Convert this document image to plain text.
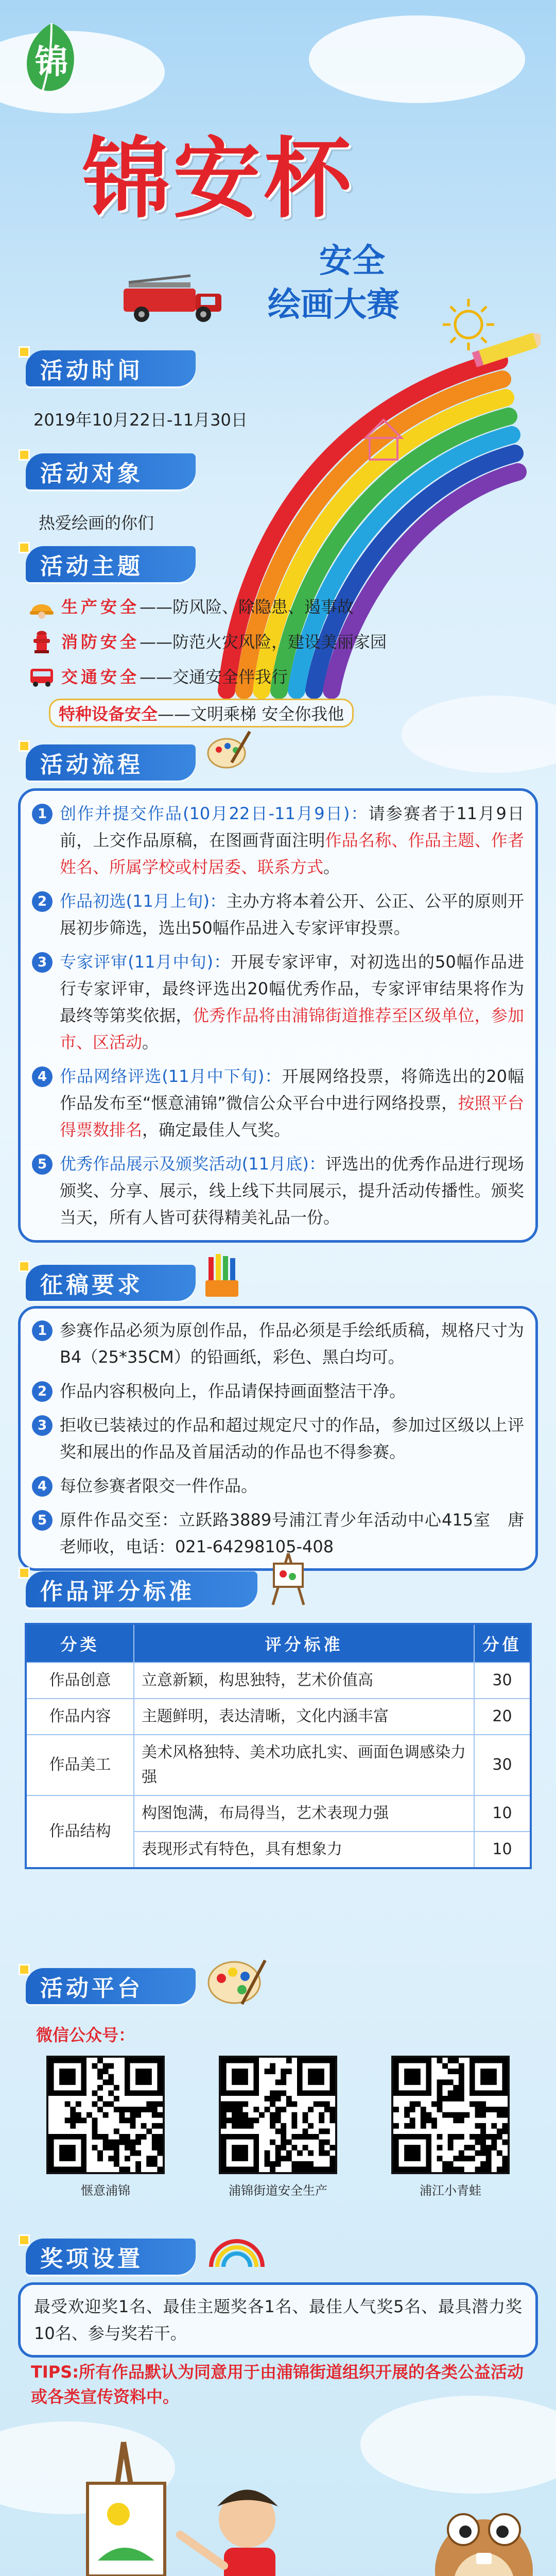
锦
锦安杯
安全
绘画大赛
活动时间
2019年10月22日-11月30日
活动对象
热爱绘画的你们
活动主题
生产安全 ——防风险、除隐患、遏事故
消防安全 ——防范火灾风险，建设美丽家园
交通安全 ——交通安全伴我行
特种设备安全——文明乘梯 安全你我他
活动流程
1 创作并提交作品(10月22日-11月9日)：请参赛者于11月9日前，上交作品原稿，在图画背面注明作品名称、作品主题、作者姓名、所属学校或村居委、联系方式。
2 作品初选(11月上旬)：主办方将本着公开、公正、公平的原则开展初步筛选，选出50幅作品进入专家评审投票。
3 专家评审(11月中旬)：开展专家评审，对初选出的50幅作品进行专家评审，最终评选出20幅优秀作品，专家评审结果将作为最终等第奖依据，优秀作品将由浦锦街道推荐至区级单位，参加市、区活动。
4 作品网络评选(11月中下旬)：开展网络投票，将筛选出的20幅作品发布至“惬意浦锦”微信公众平台中进行网络投票，按照平台得票数排名，确定最佳人气奖。
5 优秀作品展示及颁奖活动(11月底)：评选出的优秀作品进行现场颁奖、分享、展示，线上线下共同展示，提升活动传播性。颁奖当天，所有人皆可获得精美礼品一份。
征稿要求
1 参赛作品必须为原创作品，作品必须是手绘纸质稿，规格尺寸为B4（25*35CM）的铅画纸，彩色、黑白均可。
2 作品内容积极向上，作品请保持画面整洁干净。
3 拒收已装裱过的作品和超过规定尺寸的作品，参加过区级以上评奖和展出的作品及首届活动的作品也不得参赛。
4 每位参赛者限交一件作品。
5 原件作品交至：立跃路3889号浦江青少年活动中心415室　唐老师收，电话：021-64298105-408
作品评分标准
分类	评分标准	分值
作品创意	立意新颖，构思独特，艺术价值高	30
作品内容	主题鲜明，表达清晰，文化内涵丰富	20
作品美工	美术风格独特、美术功底扎实、画面色调感染力强	30
作品结构	构图饱满，布局得当，艺术表现力强	10
	表现形式有特色，具有想象力	10
活动平台
微信公众号：
惬意浦锦	浦锦街道安全生产	浦江小青蛙
奖项设置
最受欢迎奖1名、最佳主题奖各1名、最佳人气奖5名、最具潜力奖10名、参与奖若干。
TIPS:所有作品默认为同意用于由浦锦街道组织开展的各类公益活动或各类宣传资料中。
